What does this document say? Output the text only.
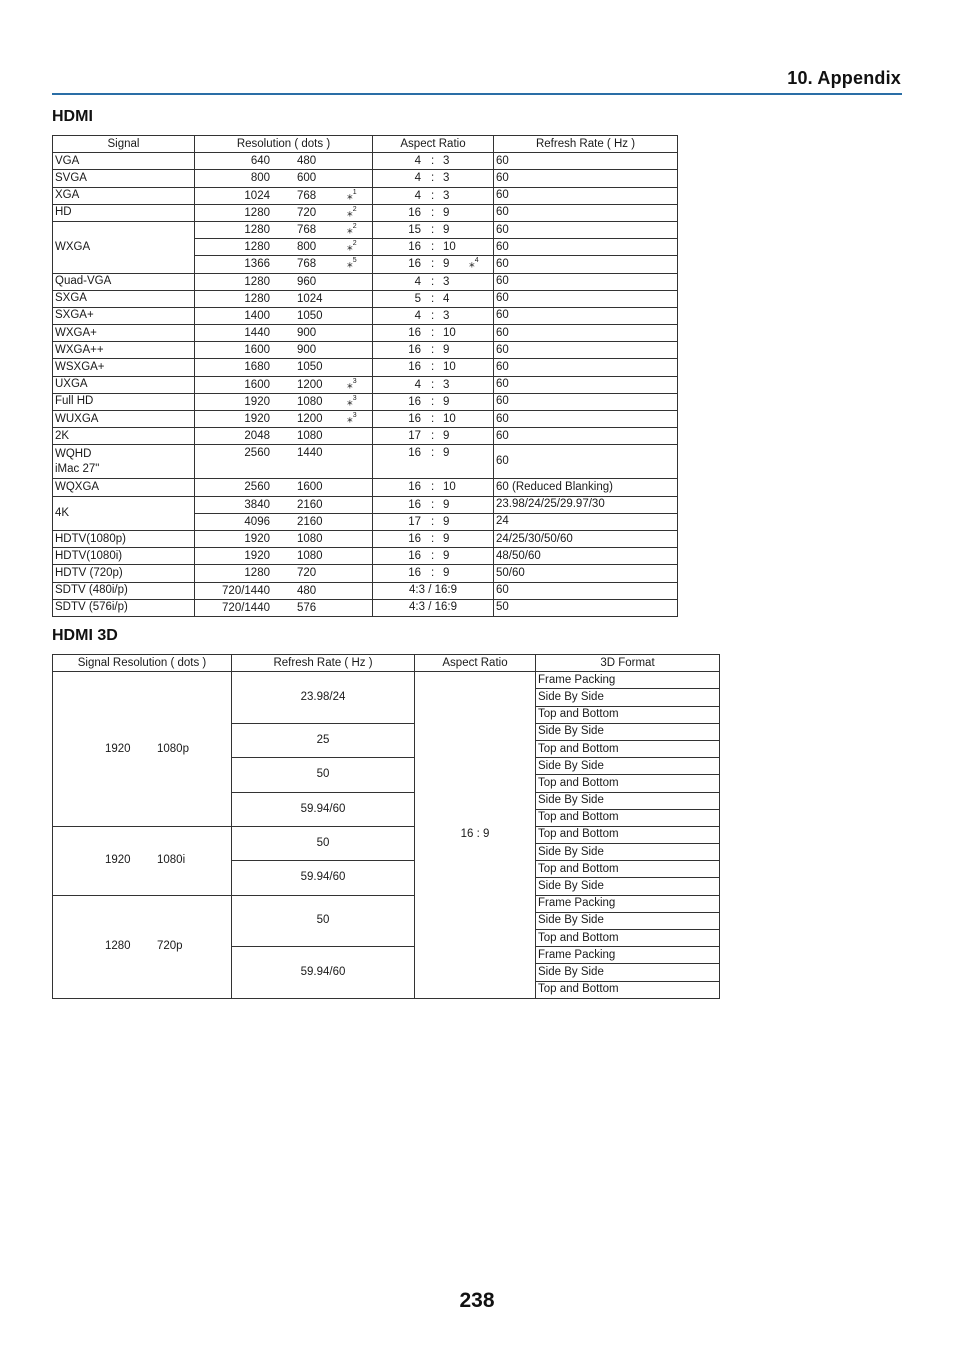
10. Appendix
HDMI
Signal	Resolution ( dots )	Aspect Ratio	Refresh Rate ( Hz )
VGA	640 480	4 : 3	60
SVGA	800 600	4 : 3	60
XGA	1024 768 ⁎$^1$	4 : 3	60
HD	1280 720 ⁎$^2$	16 : 9	60
WXGA	1280 768 ⁎$^2$	15 : 9	60

	1280 800 ⁎$^2$	16 : 10	60

	1366 768 ⁎$^5$	16 : 9 ⁎$^4$	60
Quad-VGA	1280 960	4 : 3	60
SXGA	1280 1024	5 : 4	60
SXGA+	1400 1050	4 : 3	60
WXGA+	1440 900	16 : 10	60
WXGA++	1600 900	16 : 9	60
WSXGA+	1680 1050	16 : 10	60
UXGA	1600 1200 ⁎$^3$	4 : 3	60
Full HD	1920 1080 ⁎$^3$	16 : 9	60
WUXGA	1920 1200 ⁎$^3$	16 : 10	60
2K	2048 1080	17 : 9	60
WQHD
iMac 27"	2560 1440	16 : 9	60
WQXGA	2560 1600	16 : 10	60 (Reduced Blanking)
4K	3840 2160	16 : 9	23.98/24/25/29.97/30

	4096 2160	17 : 9	24
HDTV(1080p)	1920 1080	16 : 9	24/25/30/50/60
HDTV(1080i)	1920 1080	16 : 9	48/50/60
HDTV (720p)	1280 720	16 : 9	50/60
SDTV (480i/p)	720/1440 480	4:3 / 16:9	60
SDTV (576i/p)	720/1440 576	4:3 / 16:9	50
HDMI 3D
Signal Resolution ( dots )	Refresh Rate ( Hz )	Aspect Ratio	3D Format

1920 1080p	23.98/24	16 : 9	Frame Packing
			Side By Side
			Top and Bottom
	25		Side By Side
			Top and Bottom
	50		Side By Side
			Top and Bottom
	59.94/60		Side By Side
			Top and Bottom

1920 1080i	50		Top and Bottom
			Side By Side
	59.94/60		Top and Bottom
			Side By Side

1280 720p	50		Frame Packing
			Side By Side
			Top and Bottom
	59.94/60		Frame Packing
			Side By Side
			Top and Bottom
238
